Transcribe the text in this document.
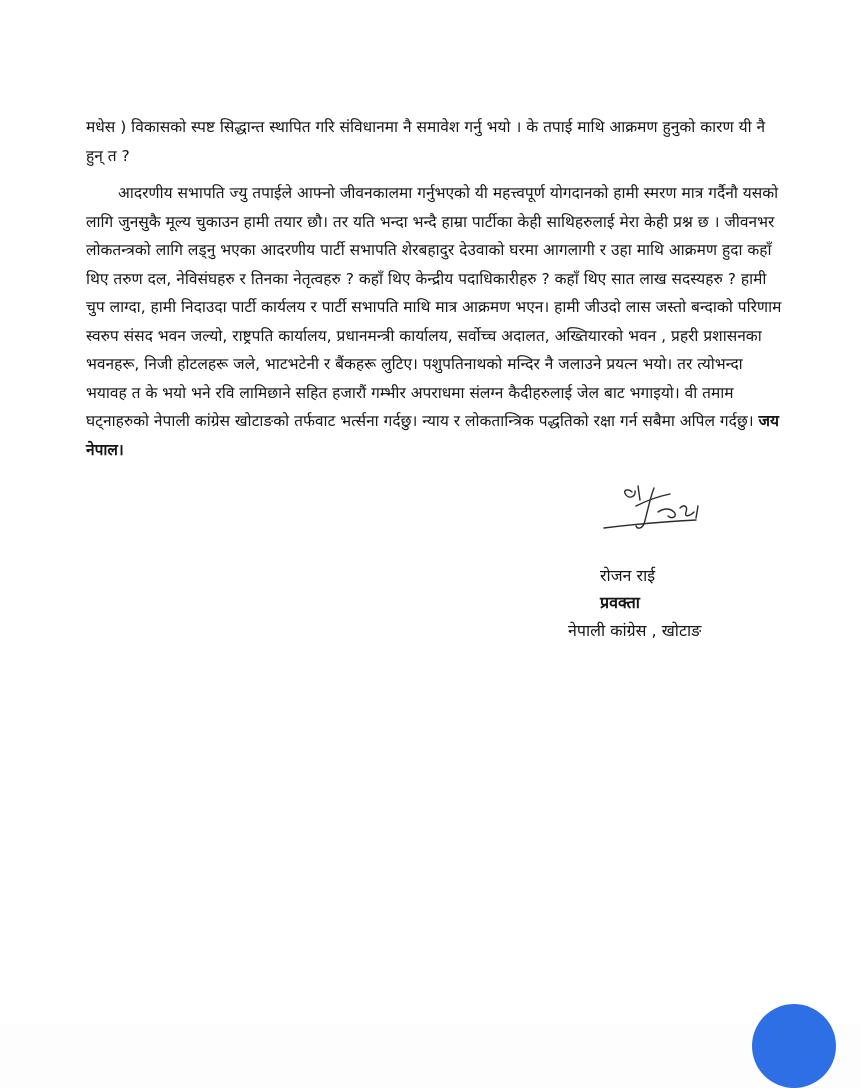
मधेस ) विकासको स्पष्ट सिद्धान्त स्थापित गरि संविधानमा नै समावेश गर्नु भयो । के तपाई माथि आक्रमण हुनुको कारण यी नै हुन् त ?

आदरणीय सभापति ज्यु तपाईले आफ्नो जीवनकालमा गर्नुभएको यी महत्त्वपूर्ण योगदानको हामी स्मरण मात्र गर्दैनौ यसको लागि जुनसुकै मूल्य चुकाउन हामी तयार छौ। तर यति भन्दा भन्दै हाम्रा पार्टीका केही साथिहरुलाई मेरा केही प्रश्न छ । जीवनभर लोकतन्त्रको लागि लड्नु भएका आदरणीय पार्टी सभापति शेरबहादुर देउवाको घरमा आगलागी र उहा माथि आक्रमण हुदा कहाँ थिए तरुण दल, नेविसंघहरु र तिनका नेतृत्वहरु ? कहाँ थिए केन्द्रीय पदाधिकारीहरु ? कहाँ थिए सात लाख सदस्यहरु ? हामी चुप लाग्दा, हामी निदाउदा पार्टी कार्यलय र पार्टी सभापति माथि मात्र आक्रमण भएन। हामी जीउदो लास जस्तो बन्दाको परिणाम स्वरुप संसद भवन जल्यो, राष्ट्रपति कार्यालय, प्रधानमन्त्री कार्यालय, सर्वोच्च अदालत, अख्तियारको भवन , प्रहरी प्रशासनका भवनहरू, निजी होटलहरू जले, भाटभटेनी र बैंकहरू लुटिए। पशुपतिनाथको मन्दिर नै जलाउने प्रयत्न भयो। तर त्योभन्दा भयावह त के भयो भने रवि लामिछाने सहित हजारौं गम्भीर अपराधमा संलग्न कैदीहरुलाई जेल बाट भगाइयो। वी तमाम घट्नाहरुको नेपाली कांग्रेस खोटाङको तर्फवाट भर्त्सना गर्दछु। न्याय र लोकतान्त्रिक पद्धतिको रक्षा गर्न सबैमा अपिल गर्दछु। जय नेपाल।

रोजन राई
प्रवक्ता
नेपाली कांग्रेस , खोटाङ
